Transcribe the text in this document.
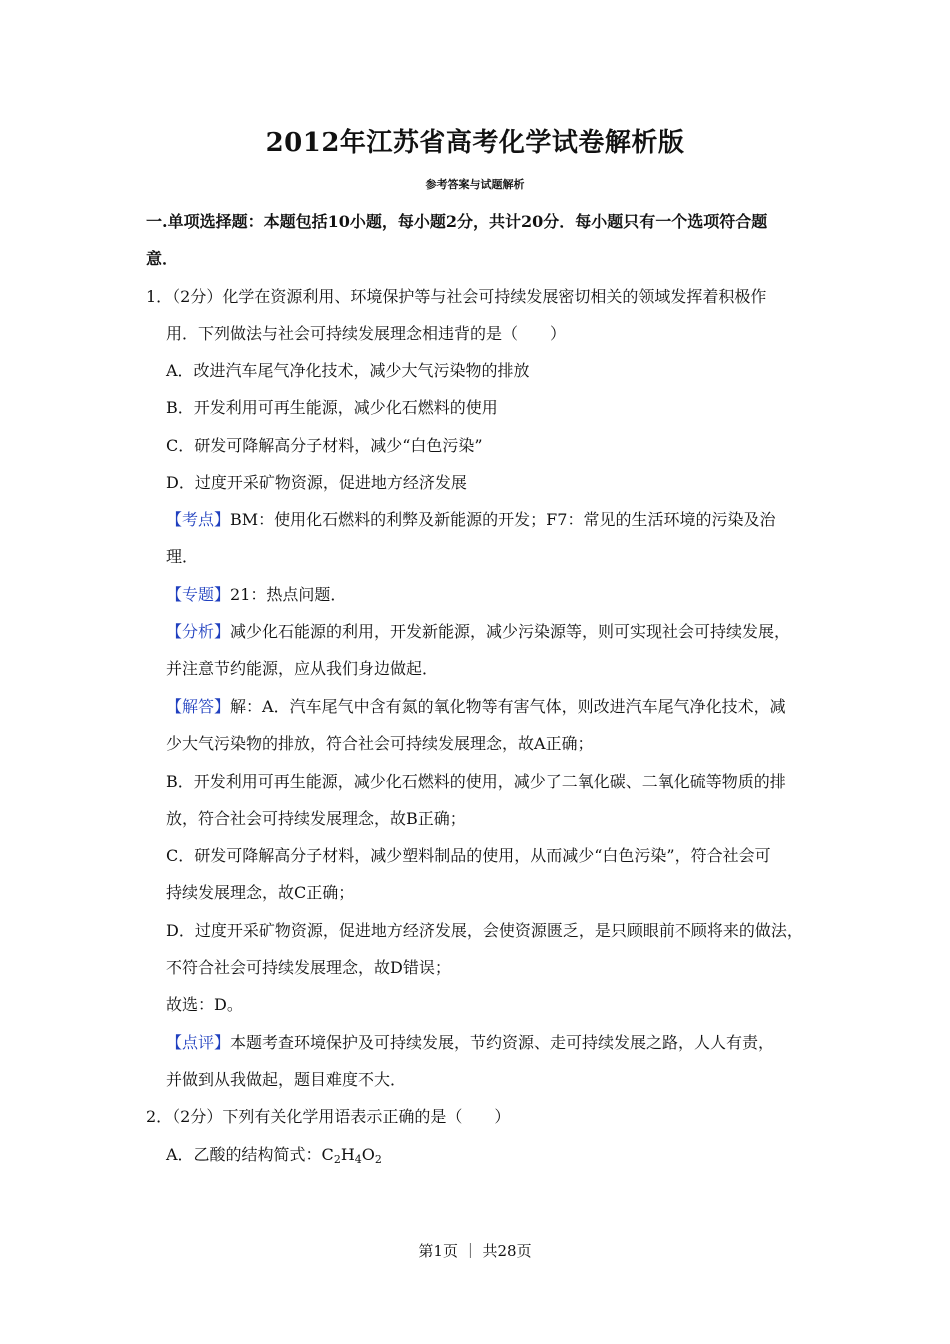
2012年江苏省高考化学试卷解析版
参考答案与试题解析
一.单项选择题：本题包括10小题，每小题2分，共计20分．每小题只有一个选项符合题
意．
1．（2分）化学在资源利用、环境保护等与社会可持续发展密切相关的领域发挥着积极作
用．下列做法与社会可持续发展理念相违背的是（　　）
A．改进汽车尾气净化技术，减少大气污染物的排放
B．开发利用可再生能源，减少化石燃料的使用
C．研发可降解高分子材料，减少“白色污染”
D．过度开采矿物资源，促进地方经济发展
【考点】BM：使用化石燃料的利弊及新能源的开发；F7：常见的生活环境的污染及治
理．
【专题】21：热点问题．
【分析】减少化石能源的利用，开发新能源，减少污染源等，则可实现社会可持续发展，
并注意节约能源，应从我们身边做起．
【解答】解：A．汽车尾气中含有氮的氧化物等有害气体，则改进汽车尾气净化技术，减
少大气污染物的排放，符合社会可持续发展理念，故A正确；
B．开发利用可再生能源，减少化石燃料的使用，减少了二氧化碳、二氧化硫等物质的排
放，符合社会可持续发展理念，故B正确；
C．研发可降解高分子材料，减少塑料制品的使用，从而减少“白色污染”，符合社会可
持续发展理念，故C正确；
D．过度开采矿物资源，促进地方经济发展，会使资源匮乏，是只顾眼前不顾将来的做法，
不符合社会可持续发展理念，故D错误；
故选：D。
【点评】本题考查环境保护及可持续发展，节约资源、走可持续发展之路，人人有责，
并做到从我做起，题目难度不大．
2．（2分）下列有关化学用语表示正确的是（　　）
A．乙酸的结构简式：$C_2H_4O_2$
第1页 ｜ 共28页
